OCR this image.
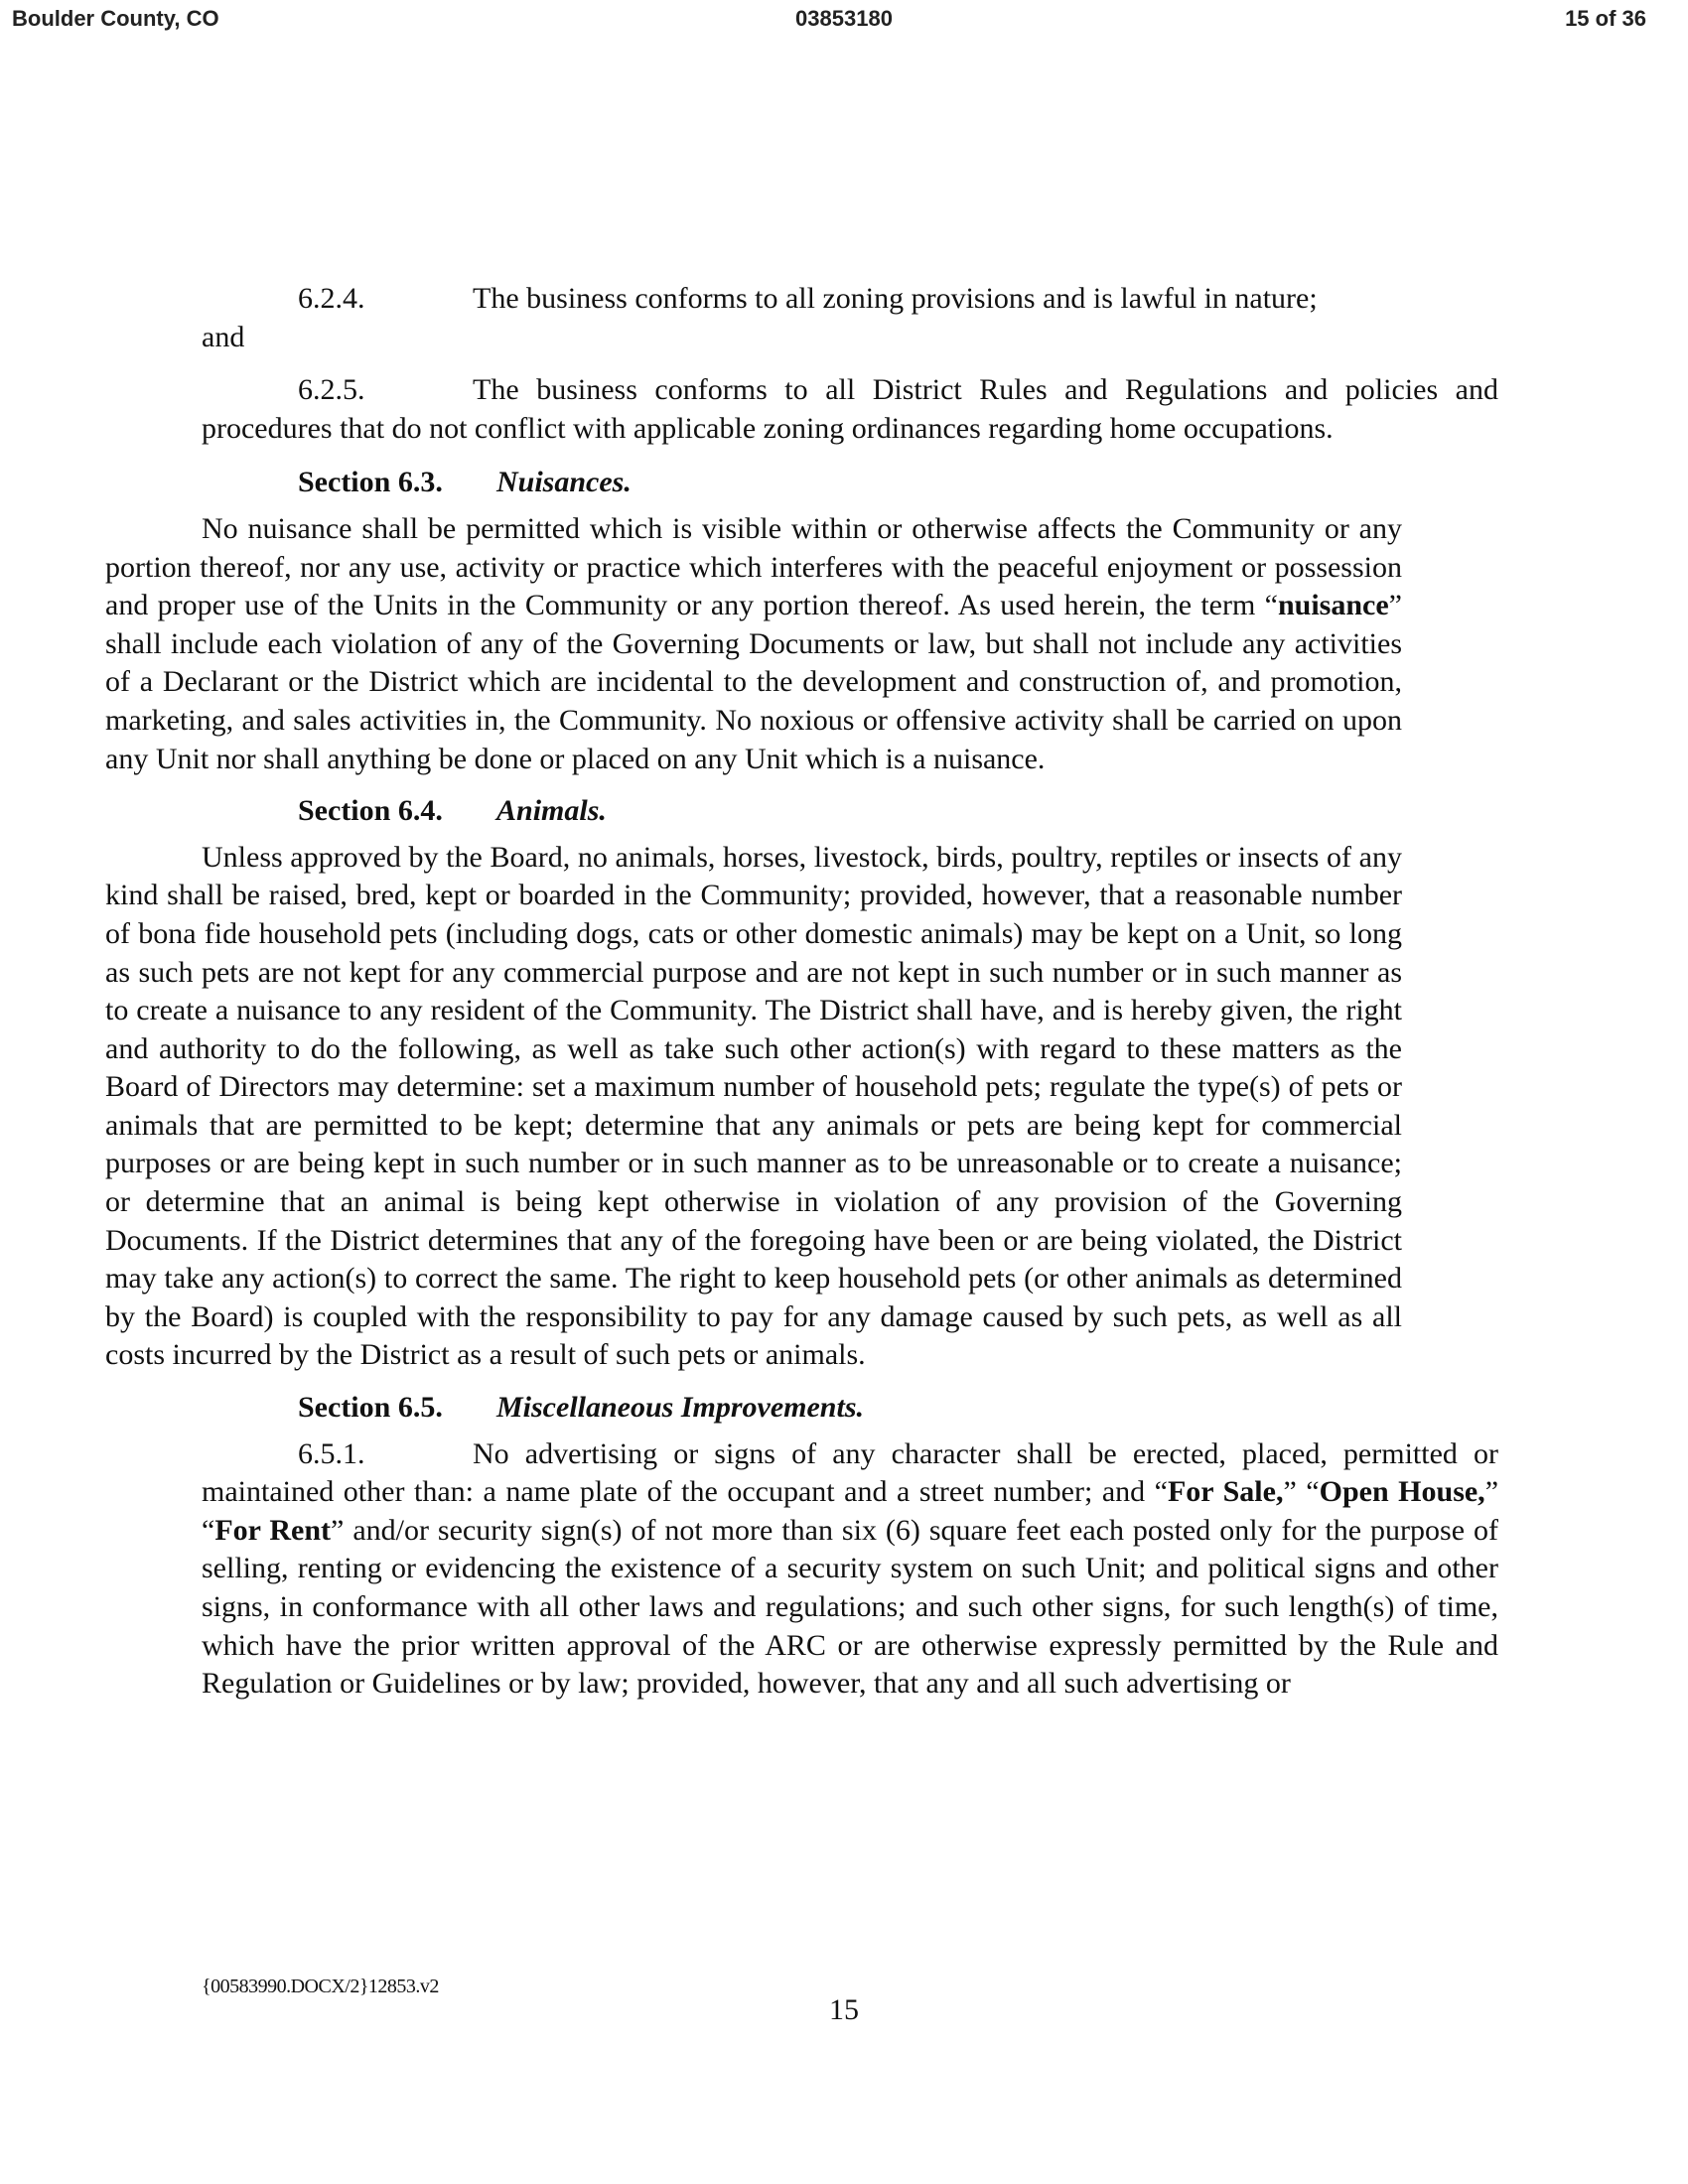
Boulder County, CO	03853180	15 of 36

6.2.4.	The business conforms to all zoning provisions and is lawful in nature;

and

6.2.5.	The business conforms to all District Rules and Regulations and policies and procedures that do not conflict with applicable zoning ordinances regarding home occupations.

Section 6.3. Nuisances.

No nuisance shall be permitted which is visible within or otherwise affects the Community or any portion thereof, nor any use, activity or practice which interferes with the peaceful enjoyment or possession and proper use of the Units in the Community or any portion thereof. As used herein, the term “nuisance” shall include each violation of any of the Governing Documents or law, but shall not include any activities of a Declarant or the District which are incidental to the development and construction of, and promotion, marketing, and sales activities in, the Community. No noxious or offensive activity shall be carried on upon any Unit nor shall anything be done or placed on any Unit which is a nuisance.

Section 6.4. Animals.

Unless approved by the Board, no animals, horses, livestock, birds, poultry, reptiles or insects of any kind shall be raised, bred, kept or boarded in the Community; provided, however, that a reasonable number of bona fide household pets (including dogs, cats or other domestic animals) may be kept on a Unit, so long as such pets are not kept for any commercial purpose and are not kept in such number or in such manner as to create a nuisance to any resident of the Community. The District shall have, and is hereby given, the right and authority to do the following, as well as take such other action(s) with regard to these matters as the Board of Directors may determine: set a maximum number of household pets; regulate the type(s) of pets or animals that are permitted to be kept; determine that any animals or pets are being kept for commercial purposes or are being kept in such number or in such manner as to be unreasonable or to create a nuisance; or determine that an animal is being kept otherwise in violation of any provision of the Governing Documents. If the District determines that any of the foregoing have been or are being violated, the District may take any action(s) to correct the same. The right to keep household pets (or other animals as determined by the Board) is coupled with the responsibility to pay for any damage caused by such pets, as well as all costs incurred by the District as a result of such pets or animals.

Section 6.5. Miscellaneous Improvements.

6.5.1.	No advertising or signs of any character shall be erected, placed, permitted or maintained other than: a name plate of the occupant and a street number; and “For Sale,” “Open House,” “For Rent” and/or security sign(s) of not more than six (6) square feet each posted only for the purpose of selling, renting or evidencing the existence of a security system on such Unit; and political signs and other signs, in conformance with all other laws and regulations; and such other signs, for such length(s) of time, which have the prior written approval of the ARC or are otherwise expressly permitted by the Rule and Regulation or Guidelines or by law; provided, however, that any and all such advertising or

{00583990.DOCX/2}12853.v2
15
